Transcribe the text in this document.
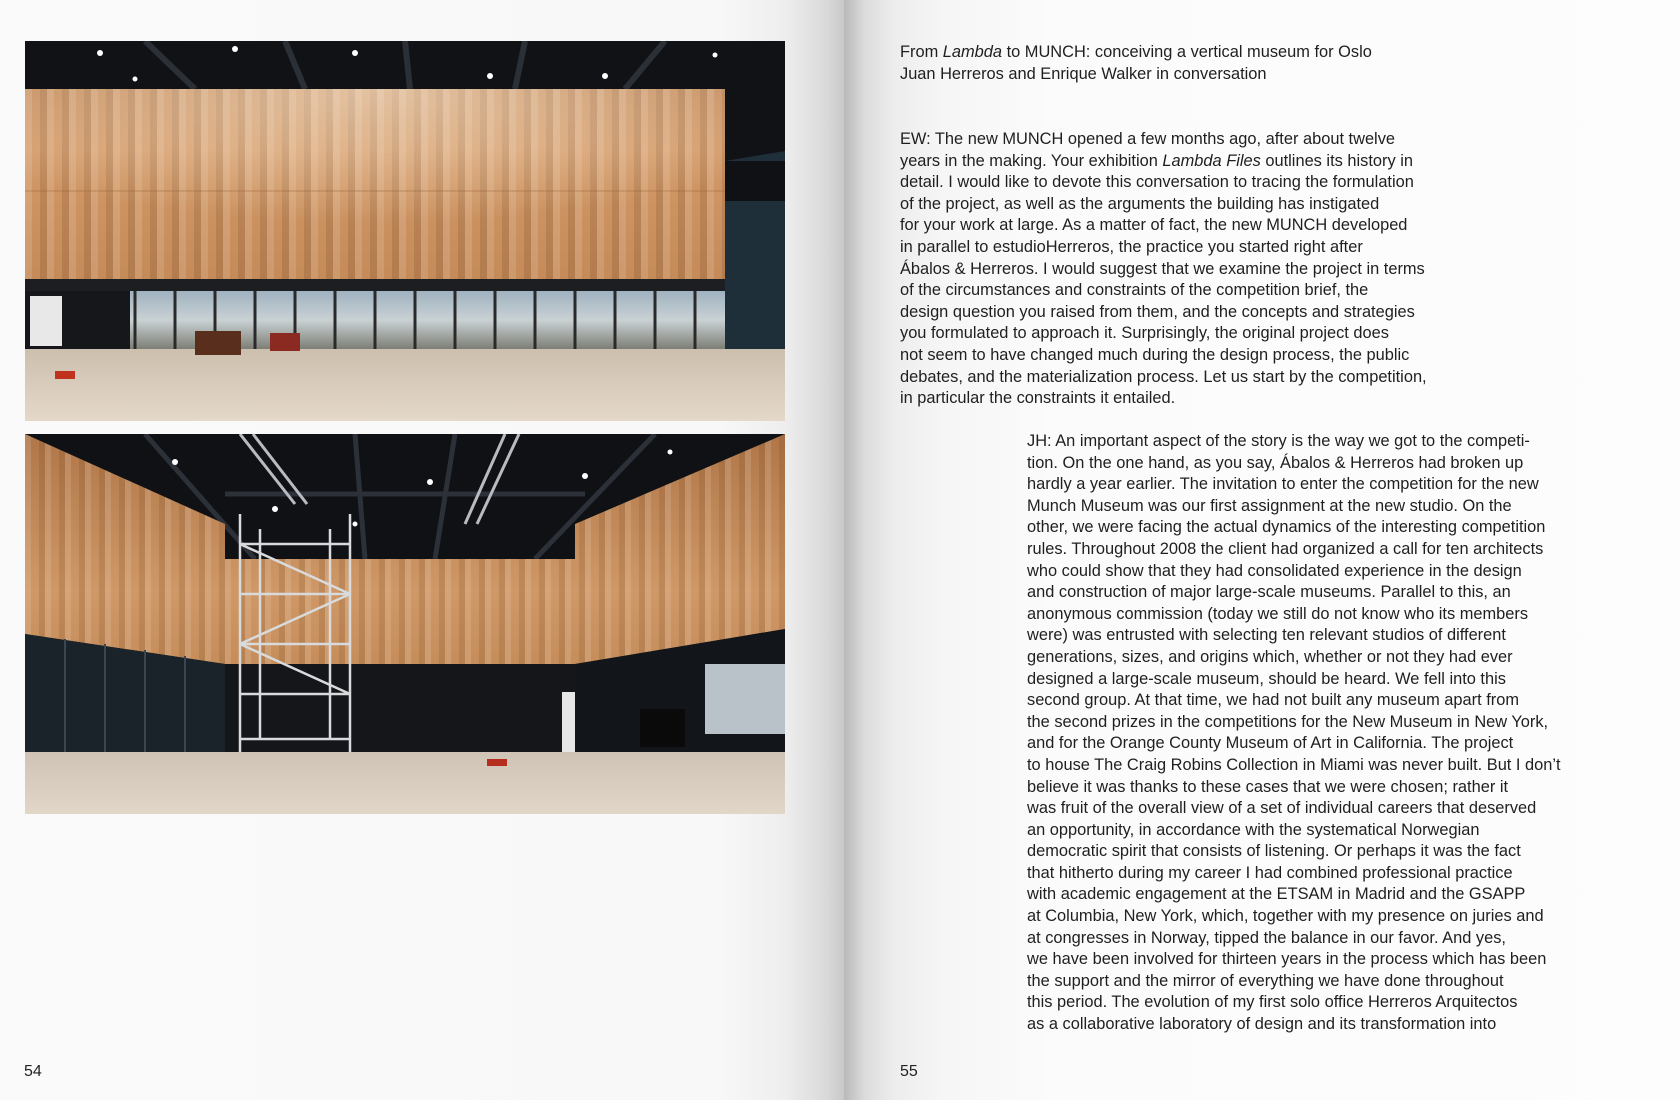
54
From Lambda to MUNCH: conceiving a vertical museum for Oslo
Juan Herreros and Enrique Walker in conversation
EW: The new MUNCH opened a few months ago, after about twelve
years in the making. Your exhibition Lambda Files outlines its history in
detail. I would like to devote this conversation to tracing the formulation
of the project, as well as the arguments the building has instigated
for your work at large. As a matter of fact, the new MUNCH developed
in parallel to estudioHerreros, the practice you started right after
Ábalos & Herreros. I would suggest that we examine the project in terms
of the circumstances and constraints of the competition brief, the
design question you raised from them, and the concepts and strategies
you formulated to approach it. Surprisingly, the original project does
not seem to have changed much during the design process, the public
debates, and the materialization process. Let us start by the competition,
in particular the constraints it entailed.
JH: An important aspect of the story is the way we got to the competi-
tion. On the one hand, as you say, Ábalos & Herreros had broken up
hardly a year earlier. The invitation to enter the competition for the new
Munch Museum was our first assignment at the new studio. On the
other, we were facing the actual dynamics of the interesting competition
rules. Throughout 2008 the client had organized a call for ten architects
who could show that they had consolidated experience in the design
and construction of major large-scale museums. Parallel to this, an
anonymous commission (today we still do not know who its members
were) was entrusted with selecting ten relevant studios of different
generations, sizes, and origins which, whether or not they had ever
designed a large-scale museum, should be heard. We fell into this
second group. At that time, we had not built any museum apart from
the second prizes in the competitions for the New Museum in New York,
and for the Orange County Museum of Art in California. The project
to house The Craig Robins Collection in Miami was never built. But I don’t
believe it was thanks to these cases that we were chosen; rather it
was fruit of the overall view of a set of individual careers that deserved
an opportunity, in accordance with the systematical Norwegian
democratic spirit that consists of listening. Or perhaps it was the fact
that hitherto during my career I had combined professional practice
with academic engagement at the ETSAM in Madrid and the GSAPP
at Columbia, New York, which, together with my presence on juries and
at congresses in Norway, tipped the balance in our favor. And yes,
we have been involved for thirteen years in the process which has been
the support and the mirror of everything we have done throughout
this period. The evolution of my first solo office Herreros Arquitectos
as a collaborative laboratory of design and its transformation into
55
